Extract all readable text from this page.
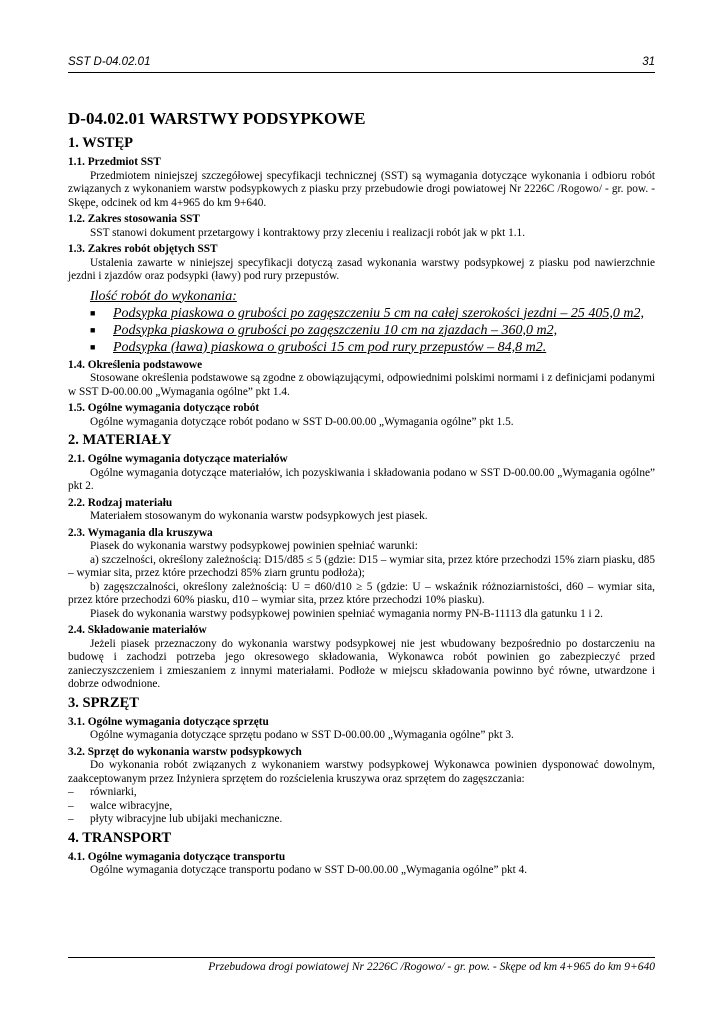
SST D-04.02.01	31
D-04.02.01 WARSTWY PODSYPKOWE
1. WSTĘP
1.1. Przedmiot SST

Przedmiotem niniejszej szczegółowej specyfikacji technicznej (SST) są wymagania dotyczące wykonania i odbioru robót związanych z wykonaniem warstw podsypkowych z piasku przy przebudowie drogi powiatowej Nr 2226C /Rogowo/ - gr. pow. - Skępe, odcinek od km 4+965 do km 9+640.

1.2. Zakres stosowania SST

SST stanowi dokument przetargowy i kontraktowy przy zleceniu i realizacji robót jak w pkt 1.1.

1.3. Zakres robót objętych SST

Ustalenia zawarte w niniejszej specyfikacji dotyczą zasad wykonania warstwy podsypkowej z piasku pod nawierzchnie jezdni i zjazdów oraz podsypki (ławy) pod rury przepustów.

Ilość robót do wykonania:
■ Podsypka piaskowa o grubości po zagęszczeniu 5 cm na całej szerokości jezdni – 25 405,0 m2,
■ Podsypka piaskowa o grubości po zagęszczeniu 10 cm na zjazdach – 360,0 m2,
■ Podsypka (ława) piaskowa o grubości 15 cm pod rury przepustów – 84,8 m2.
1.4. Określenia podstawowe

Stosowane określenia podstawowe są zgodne z obowiązującymi, odpowiednimi polskimi normami i z definicjami podanymi w SST D-00.00.00 „Wymagania ogólne” pkt 1.4.

1.5. Ogólne wymagania dotyczące robót

Ogólne wymagania dotyczące robót podano w SST D-00.00.00 „Wymagania ogólne” pkt 1.5.

2. MATERIAŁY
2.1. Ogólne wymagania dotyczące materiałów

Ogólne wymagania dotyczące materiałów, ich pozyskiwania i składowania podano w SST D-00.00.00 „Wymagania ogólne” pkt 2.

2.2. Rodzaj materiału

Materiałem stosowanym do wykonania warstw podsypkowych jest piasek.

2.3. Wymagania dla kruszywa

Piasek do wykonania warstwy podsypkowej powinien spełniać warunki:

a) szczelności, określony zależnością: D15/d85 ≤ 5 (gdzie: D15 – wymiar sita, przez które przechodzi 15% ziarn piasku, d85 – wymiar sita, przez które przechodzi 85% ziarn gruntu podłoża);

b) zagęszczalności, określony zależnością: U = d60/d10 ≥ 5 (gdzie: U – wskaźnik różnoziarnistości, d60 – wymiar sita, przez które przechodzi 60% piasku, d10 – wymiar sita, przez które przechodzi 10% piasku).

Piasek do wykonania warstwy podsypkowej powinien spełniać wymagania normy PN-B-11113 dla gatunku 1 i 2.

2.4. Składowanie materiałów

Jeżeli piasek przeznaczony do wykonania warstwy podsypkowej nie jest wbudowany bezpośrednio po dostarczeniu na budowę i zachodzi potrzeba jego okresowego składowania, Wykonawca robót powinien go zabezpieczyć przed zanieczyszczeniem i zmieszaniem z innymi materiałami. Podłoże w miejscu składowania powinno być równe, utwardzone i dobrze odwodnione.

3. SPRZĘT
3.1. Ogólne wymagania dotyczące sprzętu

Ogólne wymagania dotyczące sprzętu podano w SST D-00.00.00 „Wymagania ogólne” pkt 3.

3.2. Sprzęt do wykonania warstw podsypkowych

Do wykonania robót związanych z wykonaniem warstwy podsypkowej Wykonawca powinien dysponować dowolnym, zaakceptowanym przez Inżyniera sprzętem do rozścielenia kruszywa oraz sprzętem do zagęszczania:

– równiarki,
– walce wibracyjne,
– płyty wibracyjne lub ubijaki mechaniczne.
4. TRANSPORT
4.1. Ogólne wymagania dotyczące transportu

Ogólne wymagania dotyczące transportu podano w SST D-00.00.00 „Wymagania ogólne” pkt 4.

Przebudowa drogi powiatowej Nr 2226C /Rogowo/ - gr. pow. - Skępe od km 4+965 do km 9+640
